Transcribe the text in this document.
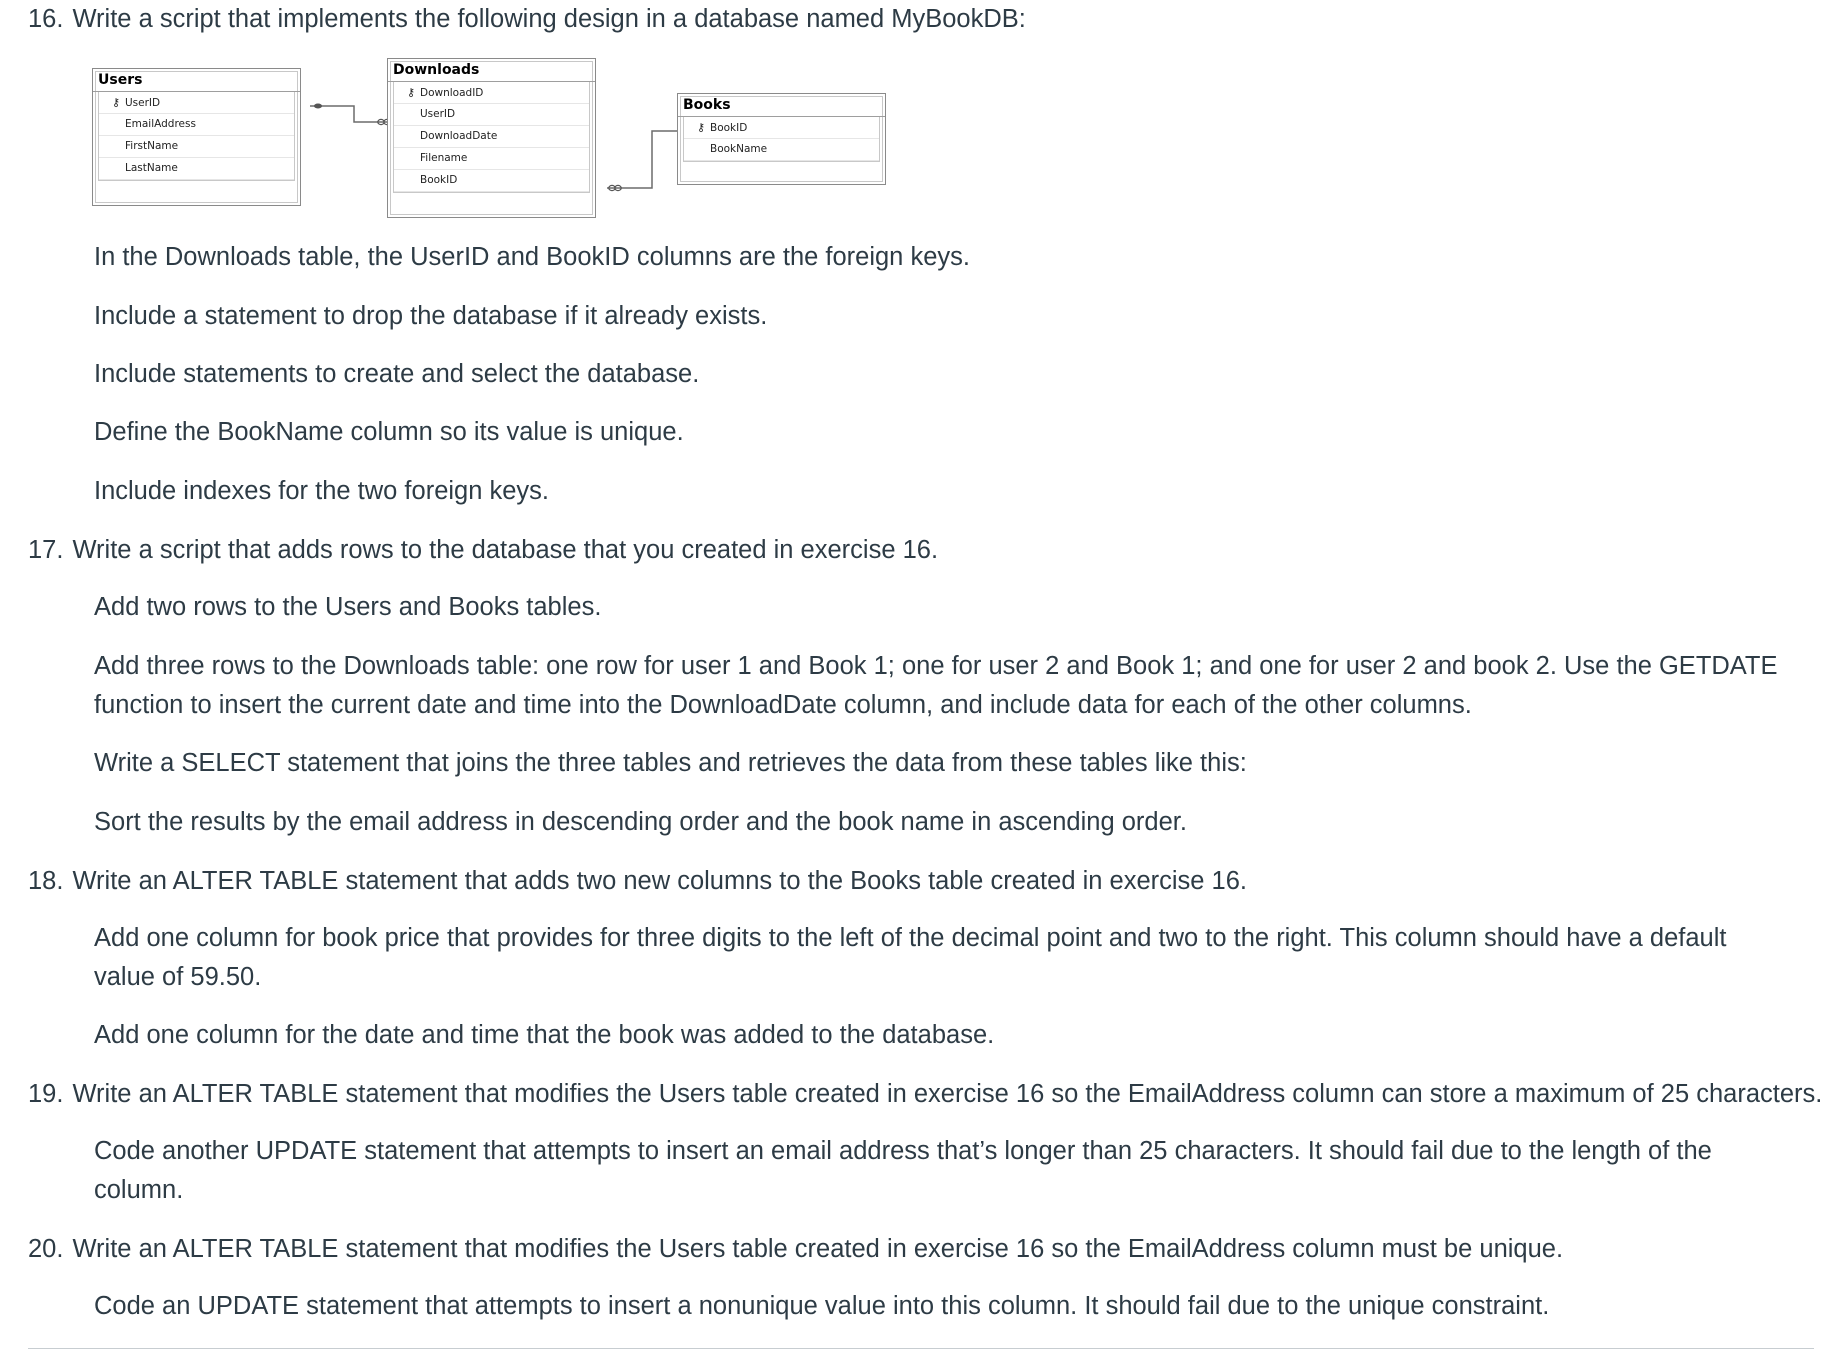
16. Write a script that implements the following design in a database named MyBookDB:
Users
⚷ UserID
EmailAddress
FirstName
LastName
Downloads
⚷ DownloadID
UserID
DownloadDate
Filename
BookID
Books
⚷ BookID
BookName
In the Downloads table, the UserID and BookID columns are the foreign keys.
Include a statement to drop the database if it already exists.
Include statements to create and select the database.
Define the BookName column so its value is unique.
Include indexes for the two foreign keys.
17. Write a script that adds rows to the database that you created in exercise 16.
Add two rows to the Users and Books tables.
Add three rows to the Downloads table: one row for user 1 and Book 1; one for user 2 and Book 1; and one for user 2 and book 2. Use the GETDATE function to insert the current date and time into the DownloadDate column, and include data for each of the other columns.
Write a SELECT statement that joins the three tables and retrieves the data from these tables like this:
Sort the results by the email address in descending order and the book name in ascending order.
18. Write an ALTER TABLE statement that adds two new columns to the Books table created in exercise 16.
Add one column for book price that provides for three digits to the left of the decimal point and two to the right. This column should have a default value of 59.50.
Add one column for the date and time that the book was added to the database.
19. Write an ALTER TABLE statement that modifies the Users table created in exercise 16 so the EmailAddress column can store a maximum of 25 characters.
Code another UPDATE statement that attempts to insert an email address that’s longer than 25 characters. It should fail due to the length of the column.
20. Write an ALTER TABLE statement that modifies the Users table created in exercise 16 so the EmailAddress column must be unique.
Code an UPDATE statement that attempts to insert a nonunique value into this column. It should fail due to the unique constraint.
